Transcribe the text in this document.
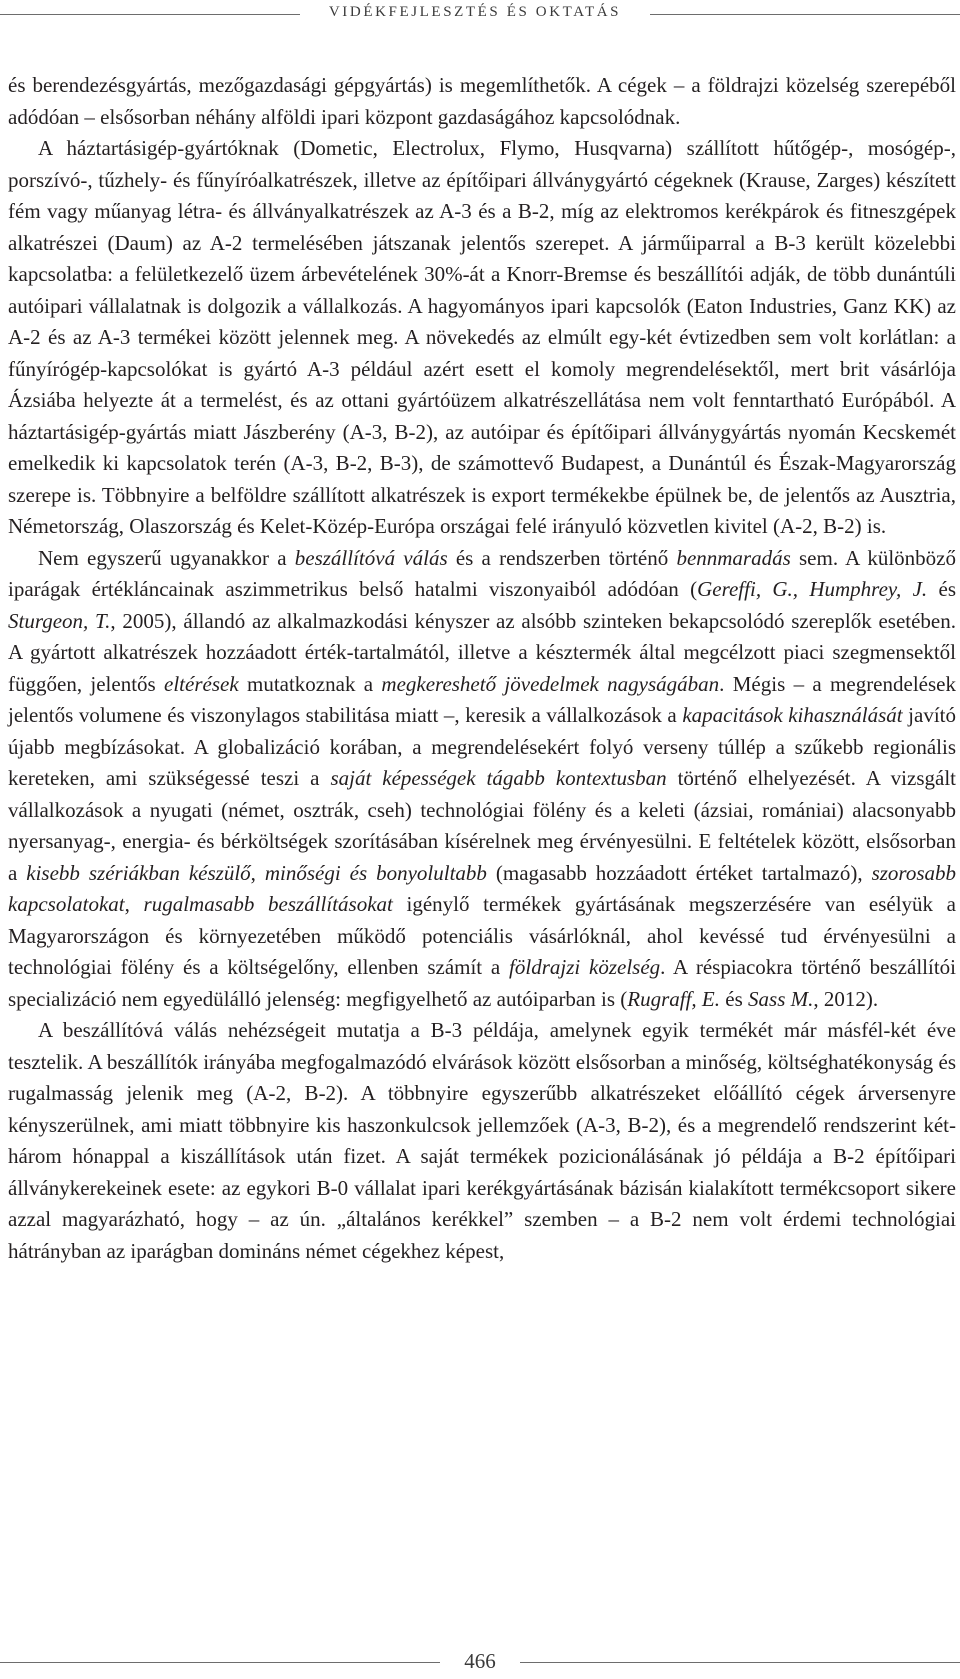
VIDÉKFEJLESZTÉS ÉS OKTATÁS

és berendezésgyártás, mezőgazdasági gépgyártás) is megemlíthetők. A cégek – a földrajzi közelség szerepéből adódóan – elsősorban néhány alföldi ipari központ gazdaságához kapcsolódnak.

A háztartásigép-gyártóknak (Dometic, Electrolux, Flymo, Husqvarna) szállított hűtőgép-, mosógép-, porszívó-, tűzhely- és fűnyíróalkatrészek, illetve az építőipari állványgyártó cégeknek (Krause, Zarges) készített fém vagy műanyag létra- és állványalkatrészek az A-3 és a B-2, míg az elektromos kerékpárok és fitneszgépek alkatrészei (Daum) az A-2 termelésében játszanak jelentős szerepet. A járműiparral a B-3 került közelebbi kapcsolatba: a felületkezelő üzem árbevételének 30%-át a Knorr-Bremse és beszállítói adják, de több dunántúli autóipari vállalatnak is dolgozik a vállalkozás. A hagyományos ipari kapcsolók (Eaton Industries, Ganz KK) az A-2 és az A-3 termékei között jelennek meg. A növekedés az elmúlt egy-két évtizedben sem volt korlátlan: a fűnyírógép-kapcsolókat is gyártó A-3 például azért esett el komoly megrendelésektől, mert brit vásárlója Ázsiába helyezte át a termelést, és az ottani gyártóüzem alkatrészellátása nem volt fenntartható Európából. A háztartásigép-gyártás miatt Jászberény (A-3, B-2), az autóipar és építőipari állványgyártás nyomán Kecskemét emelkedik ki kapcsolatok terén (A-3, B-2, B-3), de számottevő Budapest, a Dunántúl és Észak-Magyarország szerepe is. Többnyire a belföldre szállított alkatrészek is export termékekbe épülnek be, de jelentős az Ausztria, Németország, Olaszország és Kelet-Közép-Európa országai felé irányuló közvetlen kivitel (A-2, B-2) is.

Nem egyszerű ugyanakkor a beszállítóvá válás és a rendszerben történő bennmaradás sem. A különböző iparágak értékláncainak aszimmetrikus belső hatalmi viszonyaiból adódóan (Gereffi, G., Humphrey, J. és Sturgeon, T., 2005), állandó az alkalmazkodási kényszer az alsóbb szinteken bekapcsolódó szereplők esetében. A gyártott alkatrészek hozzáadott érték-tartalmától, illetve a késztermék által megcélzott piaci szegmensektől függően, jelentős eltérések mutatkoznak a megkereshető jövedelmek nagyságában. Mégis – a megrendelések jelentős volumene és viszonylagos stabilitása miatt –, keresik a vállalkozások a kapacitások kihasználását javító újabb megbízásokat. A globalizáció korában, a megrendelésekért folyó verseny túllép a szűkebb regionális kereteken, ami szükségessé teszi a saját képességek tágabb kontextusban történő elhelyezését. A vizsgált vállalkozások a nyugati (német, osztrák, cseh) technológiai fölény és a keleti (ázsiai, romániai) alacsonyabb nyersanyag-, energia- és bérköltségek szorításában kísérelnek meg érvényesülni. E feltételek között, elsősorban a kisebb szériákban készülő, minőségi és bonyolultabb (magasabb hozzáadott értéket tartalmazó), szorosabb kapcsolatokat, rugalmasabb beszállításokat igénylő termékek gyártásának megszerzésére van esélyük a Magyarországon és környezetében működő potenciális vásárlóknál, ahol kevéssé tud érvényesülni a technológiai fölény és a költségelőny, ellenben számít a földrajzi közelség. A réspiacokra történő beszállítói specializáció nem egyedülálló jelenség: megfigyelhető az autóiparban is (Rugraff, E. és Sass M., 2012).

A beszállítóvá válás nehézségeit mutatja a B-3 példája, amelynek egyik termékét már másfél-két éve tesztelik. A beszállítók irányába megfogalmazódó elvárások között elsősorban a minőség, költséghatékonyság és rugalmasság jelenik meg (A-2, B-2). A többnyire egyszerűbb alkatrészeket előállító cégek árversenyre kényszerülnek, ami miatt többnyire kis haszonkulcsok jellemzőek (A-3, B-2), és a megrendelő rendszerint két-három hónappal a kiszállítások után fizet. A saját termékek pozicionálásának jó példája a B-2 építőipari állványkerekeinek esete: az egykori B-0 vállalat ipari kerékgyártásának bázisán kialakított termékcsoport sikere azzal magyarázható, hogy – az ún. „általános kerékkel” szemben – a B-2 nem volt érdemi technológiai hátrányban az iparágban domináns német cégekhez képest,

466
